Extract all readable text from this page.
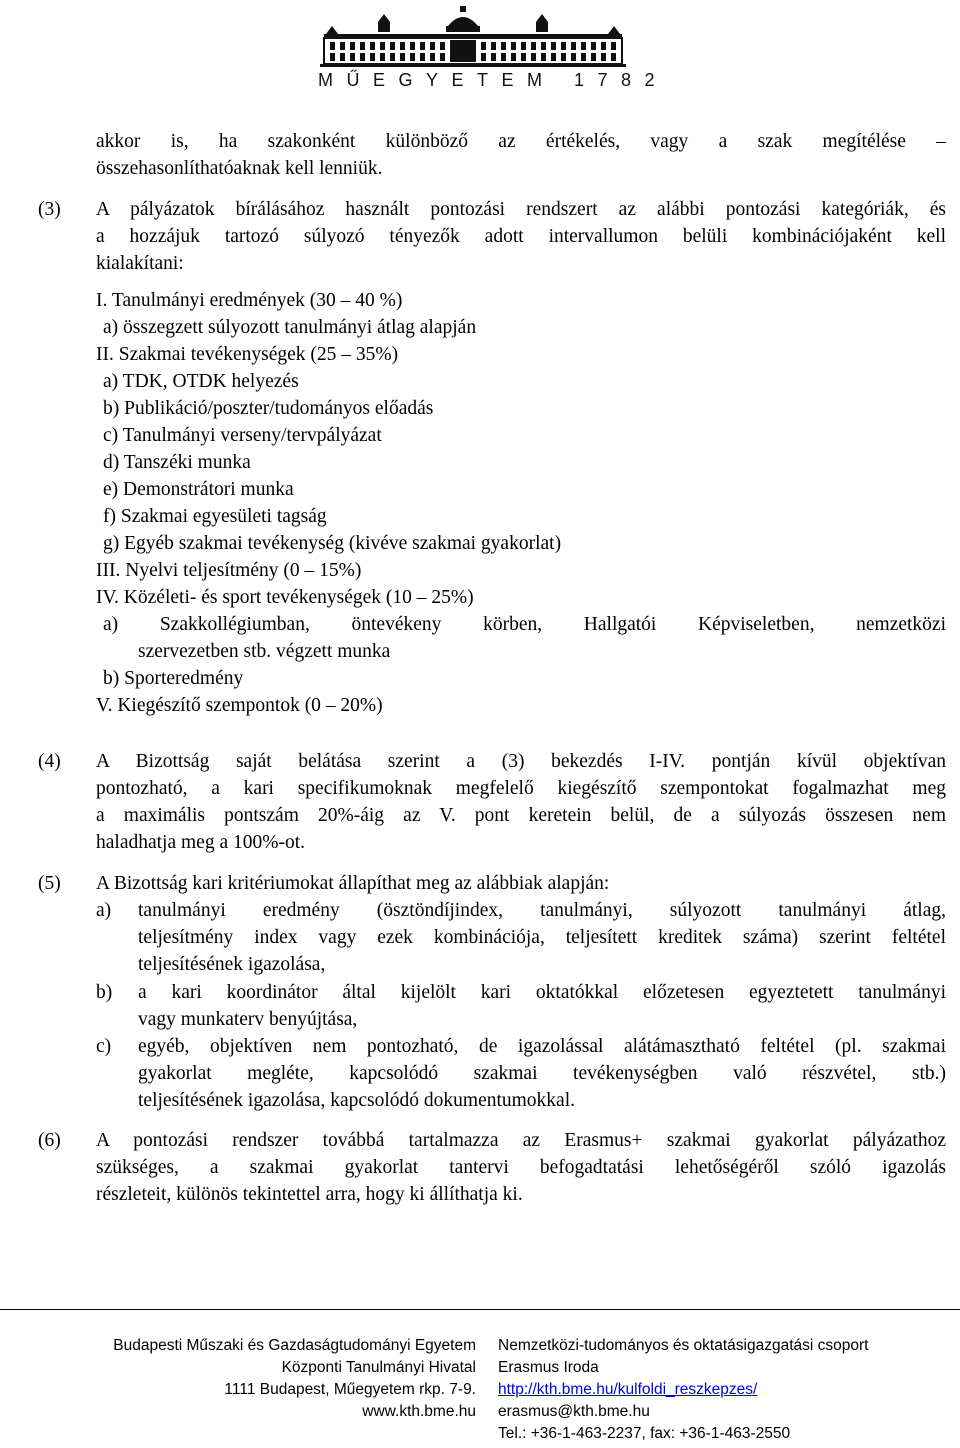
MŰEGYETEM 1782
akkor is, ha szakonként különböző az értékelés, vagy a szak megítélése –
összehasonlíthatóaknak kell lenniük.
(3) A pályázatok bírálásához használt pontozási rendszert az alábbi pontozási kategóriák, és
a hozzájuk tartozó súlyozó tényezők adott intervallumon belüli kombinációjaként kell
kialakítani:
I. Tanulmányi eredmények (30 – 40 %)
a) összegzett súlyozott tanulmányi átlag alapján
II. Szakmai tevékenységek (25 – 35%)
a) TDK, OTDK helyezés
b) Publikáció/poszter/tudományos előadás
c) Tanulmányi verseny/tervpályázat
d) Tanszéki munka
e) Demonstrátori munka
f) Szakmai egyesületi tagság
g) Egyéb szakmai tevékenység (kivéve szakmai gyakorlat)
III. Nyelvi teljesítmény (0 – 15%)
IV. Közéleti- és sport tevékenységek (10 – 25%)
a) Szakkollégiumban, öntevékeny körben, Hallgatói Képviseletben, nemzetközi
szervezetben stb. végzett munka
b) Sporteredmény
V. Kiegészítő szempontok (0 – 20%)
(4) A Bizottság saját belátása szerint a (3) bekezdés I-IV. pontján kívül objektívan
pontozható, a kari specifikumoknak megfelelő kiegészítő szempontokat fogalmazhat meg
a maximális pontszám 20%-áig az V. pont keretein belül, de a súlyozás összesen nem
haladhatja meg a 100%-ot.
(5) A Bizottság kari kritériumokat állapíthat meg az alábbiak alapján:
a) tanulmányi eredmény (ösztöndíjindex, tanulmányi, súlyozott tanulmányi átlag,
teljesítmény index vagy ezek kombinációja, teljesített kreditek száma) szerint feltétel
teljesítésének igazolása,
b) a kari koordinátor által kijelölt kari oktatókkal előzetesen egyeztetett tanulmányi
vagy munkaterv benyújtása,
c) egyéb, objektíven nem pontozható, de igazolással alátámasztható feltétel (pl. szakmai
gyakorlat megléte, kapcsolódó szakmai tevékenységben való részvétel, stb.)
teljesítésének igazolása, kapcsolódó dokumentumokkal.
(6) A pontozási rendszer továbbá tartalmazza az Erasmus+ szakmai gyakorlat pályázathoz
szükséges, a szakmai gyakorlat tantervi befogadtatási lehetőségéről szóló igazolás
részleteit, különös tekintettel arra, hogy ki állíthatja ki.
Budapesti Műszaki és Gazdaságtudományi Egyetem
Központi Tanulmányi Hivatal
1111 Budapest, Műegyetem rkp. 7-9.
www.kth.bme.hu
Nemzetközi-tudományos és oktatásigazgatási csoport
Erasmus Iroda
http://kth.bme.hu/kulfoldi_reszkepzes/
erasmus@kth.bme.hu
Tel.: +36-1-463-2237, fax: +36-1-463-2550
